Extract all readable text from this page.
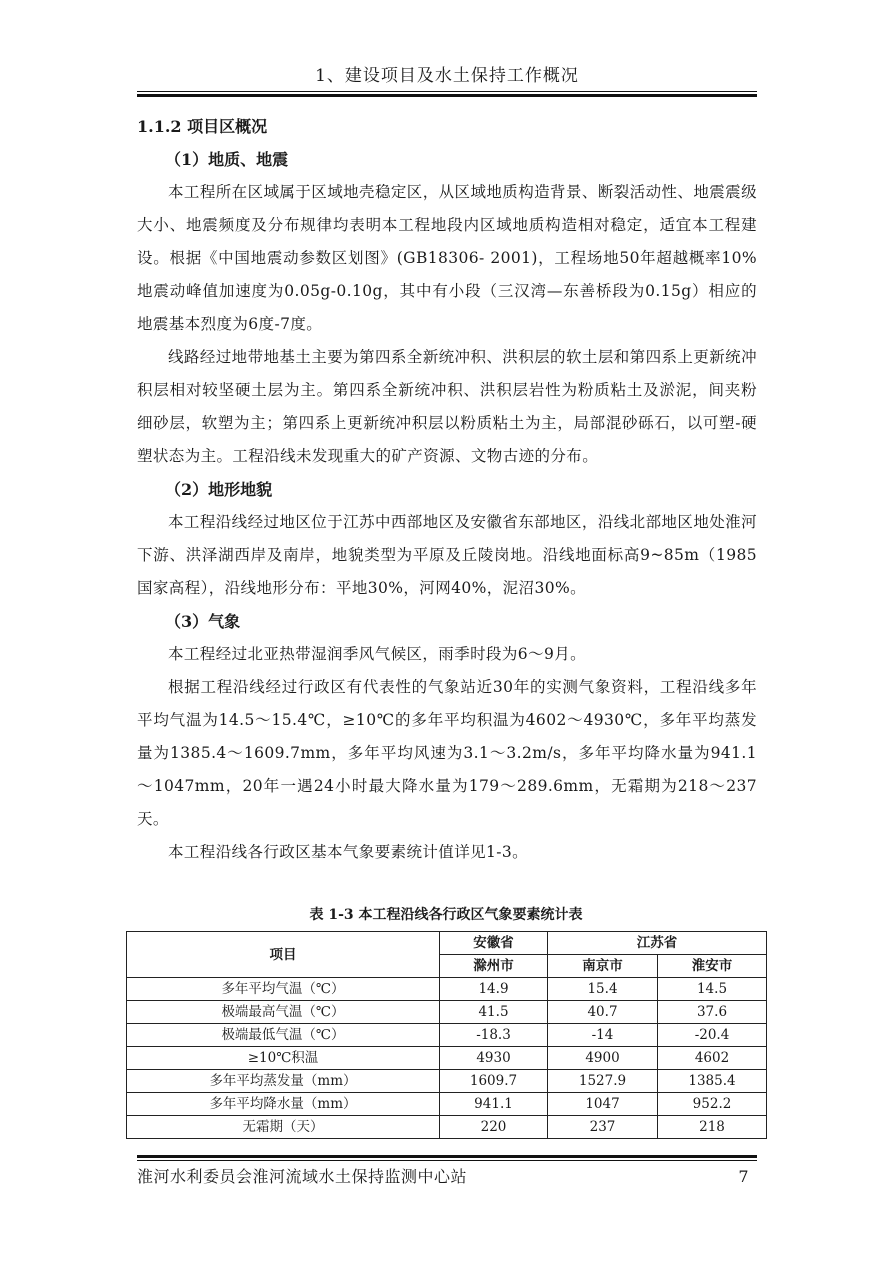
1、建设项目及水土保持工作概况
1.1.2 项目区概况
（1）地质、地震

本工程所在区域属于区域地壳稳定区，从区域地质构造背景、断裂活动性、地震震级大小、地震频度及分布规律均表明本工程地段内区域地质构造相对稳定，适宜本工程建设。根据《中国地震动参数区划图》(GB18306- 2001)，工程场地50年超越概率10%地震动峰值加速度为0.05g-0.10g，其中有小段（三汉湾—东善桥段为0.15g）相应的地震基本烈度为6度-7度。

线路经过地带地基土主要为第四系全新统冲积、洪积层的软土层和第四系上更新统冲积层相对较坚硬土层为主。第四系全新统冲积、洪积层岩性为粉质粘土及淤泥，间夹粉细砂层，软塑为主；第四系上更新统冲积层以粉质粘土为主，局部混砂砾石，以可塑-硬塑状态为主。工程沿线未发现重大的矿产资源、文物古迹的分布。

（2）地形地貌

本工程沿线经过地区位于江苏中西部地区及安徽省东部地区，沿线北部地区地处淮河下游、洪泽湖西岸及南岸，地貌类型为平原及丘陵岗地。沿线地面标高9~85m（1985国家高程），沿线地形分布：平地30%，河网40%，泥沼30%。

（3）气象

本工程经过北亚热带湿润季风气候区，雨季时段为6～9月。

根据工程沿线经过行政区有代表性的气象站近30年的实测气象资料，工程沿线多年平均气温为14.5～15.4℃，≥10℃的多年平均积温为4602～4930℃，多年平均蒸发量为1385.4～1609.7mm，多年平均风速为3.1～3.2m/s，多年平均降水量为941.1～1047mm，20年一遇24小时最大降水量为179～289.6mm，无霜期为218～237天。

本工程沿线各行政区基本气象要素统计值详见1-3。

表 1-3 本工程沿线各行政区气象要素统计表
项目	安徽省	江苏省	
	滁州市	南京市	淮安市
多年平均气温（℃）	14.9	15.4	14.5
极端最高气温（℃）	41.5	40.7	37.6
极端最低气温（℃）	-18.3	-14	-20.4
≥10℃积温	4930	4900	4602
多年平均蒸发量（mm）	1609.7	1527.9	1385.4
多年平均降水量（mm）	941.1	1047	952.2
无霜期（天）	220	237	218
淮河水利委员会淮河流域水土保持监测中心站	7
